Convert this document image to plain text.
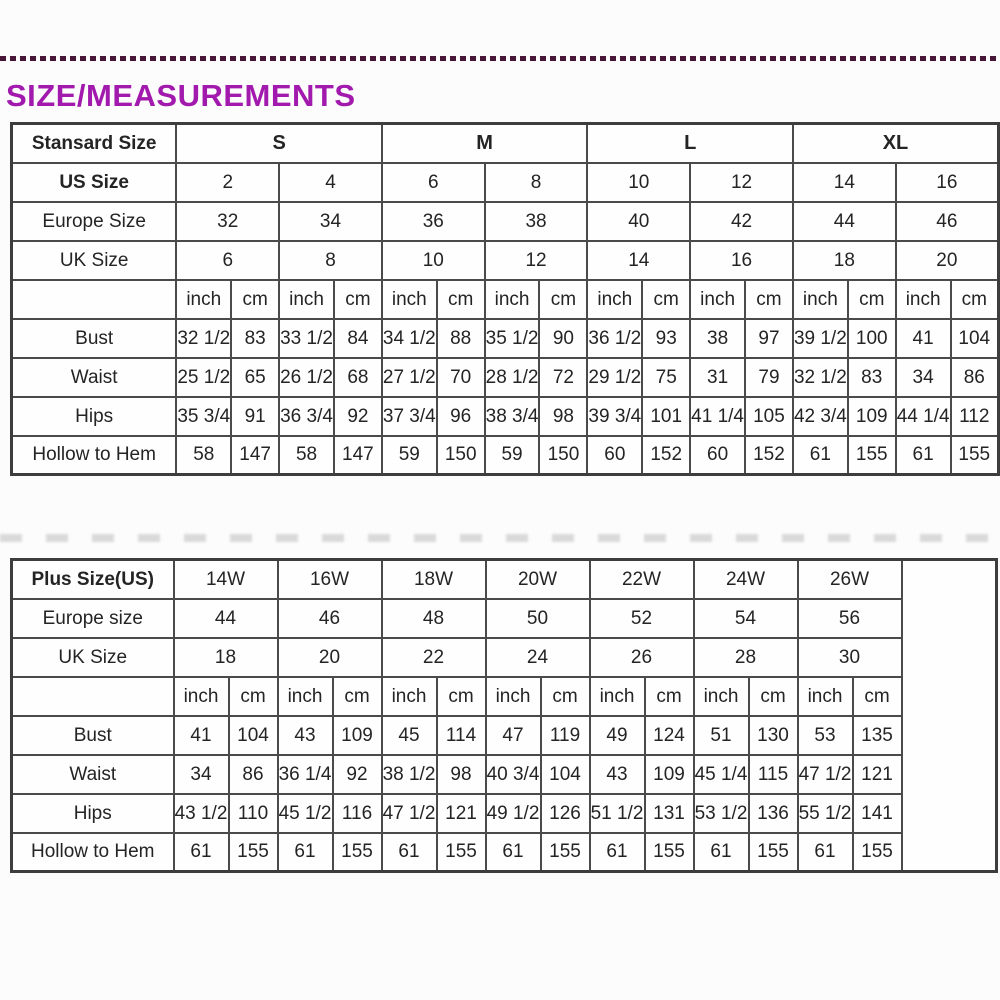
SIZE/MEASUREMENTS
Stansard Size	S				M				L				XL			
US Size	2		4		6		8		10		12		14		16	
Europe Size	32		34		36		38		40		42		44		46	
UK Size	6		8		10		12		14		16		18		20	
	inch	cm	inch	cm	inch	cm	inch	cm	inch	cm	inch	cm	inch	cm	inch	cm
Bust	32 1/2	83	33 1/2	84	34 1/2	88	35 1/2	90	36 1/2	93	38	97	39 1/2	100	41	104
Waist	25 1/2	65	26 1/2	68	27 1/2	70	28 1/2	72	29 1/2	75	31	79	32 1/2	83	34	86
Hips	35 3/4	91	36 3/4	92	37 3/4	96	38 3/4	98	39 3/4	101	41 1/4	105	42 3/4	109	44 1/4	112
Hollow to Hem	58	147	58	147	59	150	59	150	60	152	60	152	61	155	61	155
Plus Size(US)	14W		16W		18W		20W		22W		24W		26W		
Europe size	44		46		48		50		52		54		56		
UK Size	18		20		22		24		26		28		30		
	inch	cm	inch	cm	inch	cm	inch	cm	inch	cm	inch	cm	inch	cm	
Bust	41	104	43	109	45	114	47	119	49	124	51	130	53	135	
Waist	34	86	36 1/4	92	38 1/2	98	40 3/4	104	43	109	45 1/4	115	47 1/2	121	
Hips	43 1/2	110	45 1/2	116	47 1/2	121	49 1/2	126	51 1/2	131	53 1/2	136	55 1/2	141	
Hollow to Hem	61	155	61	155	61	155	61	155	61	155	61	155	61	155	
